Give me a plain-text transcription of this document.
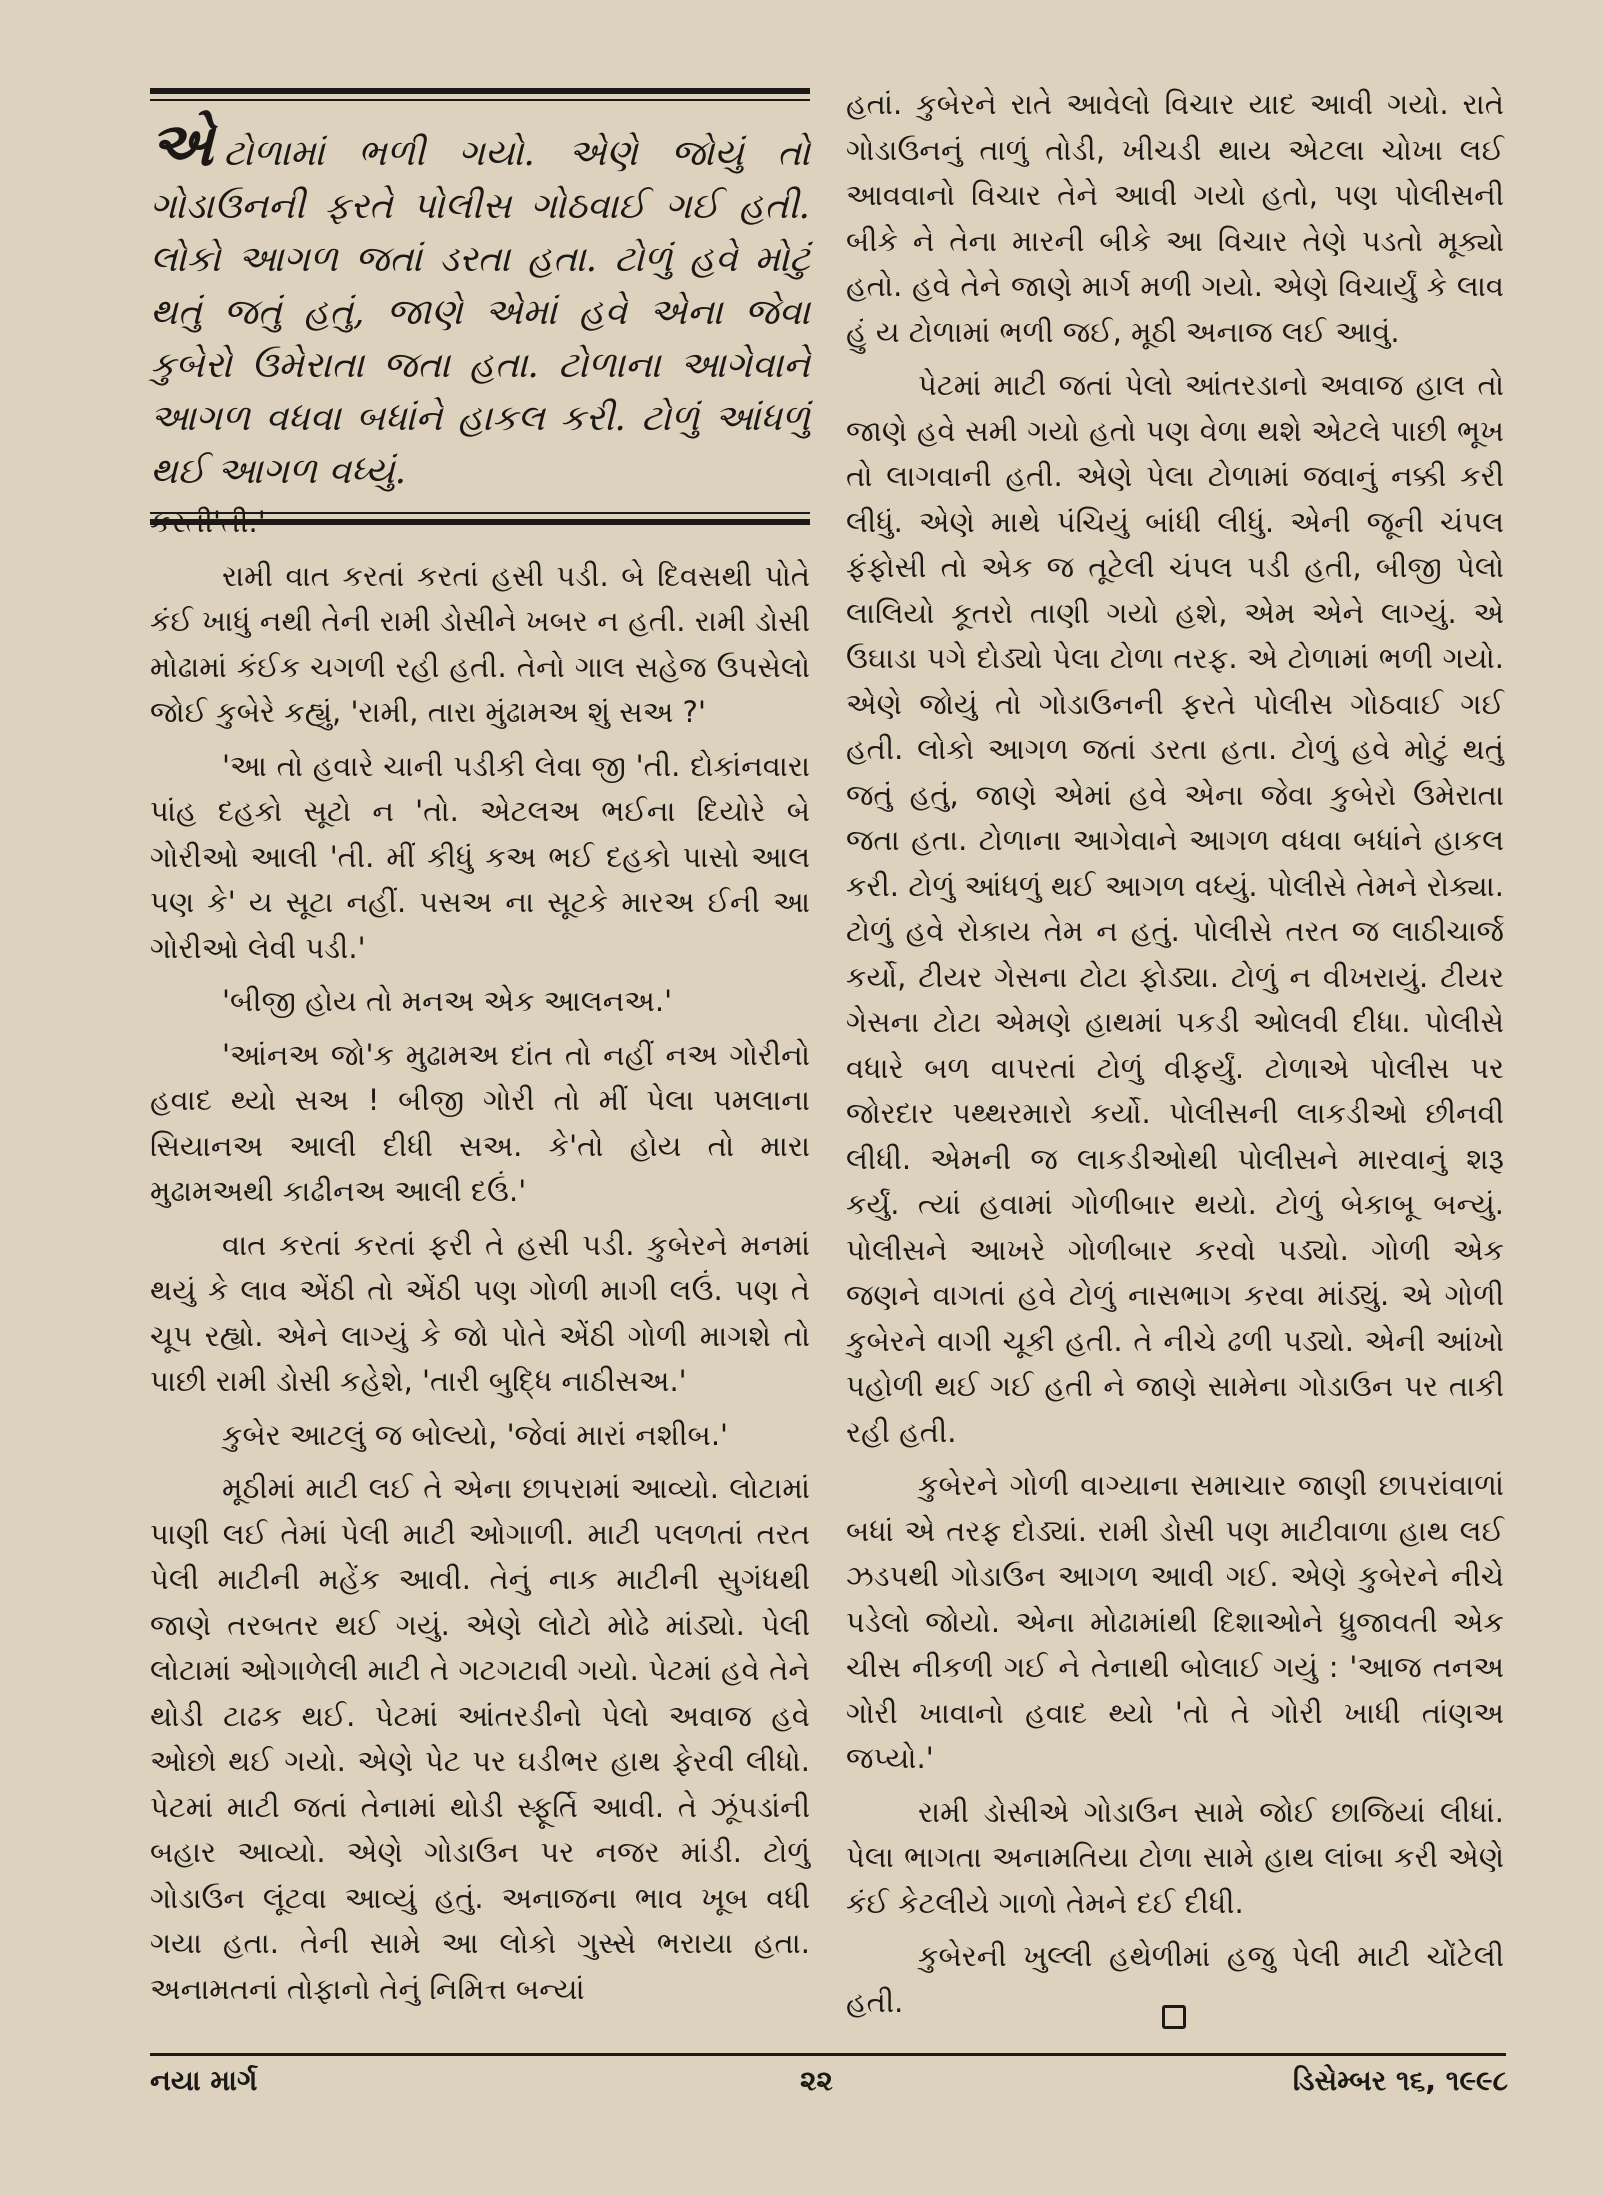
એટોળામાં ભળી ગયો. એણે જોયું તો ગોડાઉનની ફરતે પોલીસ ગોઠવાઈ ગઈ હતી. લોકો આગળ જતાં ડરતા હતા. ટોળું હવે મોટું થતું જતું હતું, જાણે એમાં હવે એના જેવા કુબેરો ઉમેરાતા જતા હતા. ટોળાના આગેવાને આગળ વધવા બધાંને હાકલ કરી. ટોળું આંધળું થઈ આગળ વધ્યું.

કરતી'તી.'

રામી વાત કરતાં કરતાં હસી પડી. બે દિવસથી પોતે કંઈ ખાધું નથી તેની રામી ડોસીને ખબર ન હતી. રામી ડોસી મોઢામાં કંઈક ચગળી રહી હતી. તેનો ગાલ સહેજ ઉપસેલો જોઈ કુબેરે કહ્યું, 'રામી, તારા મુંઢામઅ શું સઅ ?'

'આ તો હવારે ચાની પડીકી લેવા જી 'તી. દોકાંનવારા પાંહ દહકો સૂટો ન 'તો. એટલઅ ભઈના દિયોરે બે ગોરીઓ આલી 'તી. મીં કીધું કઅ ભઈ દહકો પાસો આલ પણ કે' ય સૂટા નહીં. પસઅ ના સૂટકે મારઅ ઈની આ ગોરીઓ લેવી પડી.'

'બીજી હોય તો મનઅ એક આલનઅ.'

'આંનઅ જો'ક મુઢામઅ દાંત તો નહીં નઅ ગોરીનો હવાદ થ્યો સઅ ! બીજી ગોરી તો મીં પેલા પમલાના સિયાનઅ આલી દીધી સઅ. કે'તો હોય તો મારા મુઢામઅથી કાઢીનઅ આલી દઉં.'

વાત કરતાં કરતાં ફરી તે હસી પડી. કુબેરને મનમાં થયું કે લાવ એંઠી તો એંઠી પણ ગોળી માગી લઉં. પણ તે ચૂપ રહ્યો. એને લાગ્યું કે જો પોતે એંઠી ગોળી માગશે તો પાછી રામી ડોસી કહેશે, 'તારી બુદ્ધિ નાઠીસઅ.'

કુબેર આટલું જ બોલ્યો, 'જેવાં મારાં નશીબ.'

મૂઠીમાં માટી લઈ તે એના છાપરામાં આવ્યો. લોટામાં પાણી લઈ તેમાં પેલી માટી ઓગાળી. માટી પલળતાં તરત પેલી માટીની મહેંક આવી. તેનું નાક માટીની સુગંધથી જાણે તરબતર થઈ ગયું. એણે લોટો મોઢે માંડ્યો. પેલી લોટામાં ઓગાળેલી માટી તે ગટગટાવી ગયો. પેટમાં હવે તેને થોડી ટાઢક થઈ. પેટમાં આંતરડીનો પેલો અવાજ હવે ઓછો થઈ ગયો. એણે પેટ પર ઘડીભર હાથ ફેરવી લીધો. પેટમાં માટી જતાં તેનામાં થોડી સ્ફૂર્તિ આવી. તે ઝૂંપડાંની બહાર આવ્યો. એણે ગોડાઉન પર નજર માંડી. ટોળું ગોડાઉન લૂંટવા આવ્યું હતું. અનાજના ભાવ ખૂબ વધી ગયા હતા. તેની સામે આ લોકો ગુસ્સે ભરાયા હતા. અનામતનાં તોફાનો તેનું નિમિત્ત બન્યાં

હતાં. કુબેરને રાતે આવેલો વિચાર યાદ આવી ગયો. રાતે ગોડાઉનનું તાળું તોડી, ખીચડી થાય એટલા ચોખા લઈ આવવાનો વિચાર તેને આવી ગયો હતો, પણ પોલીસની બીકે ને તેના મારની બીકે આ વિચાર તેણે પડતો મૂક્યો હતો. હવે તેને જાણે માર્ગ મળી ગયો. એણે વિચાર્યું કે લાવ હું ય ટોળામાં ભળી જઈ, મૂઠી અનાજ લઈ આવું.

પેટમાં માટી જતાં પેલો આંતરડાનો અવાજ હાલ તો જાણે હવે સમી ગયો હતો પણ વેળા થશે એટલે પાછી ભૂખ તો લાગવાની હતી. એણે પેલા ટોળામાં જવાનું નક્કી કરી લીધું. એણે માથે પંચિયું બાંધી લીધું. એની જૂની ચંપલ ફંફોસી તો એક જ તૂટેલી ચંપલ પડી હતી, બીજી પેલો લાલિયો કૂતરો તાણી ગયો હશે, એમ એને લાગ્યું. એ ઉઘાડા પગે દોડ્યો પેલા ટોળા તરફ. એ ટોળામાં ભળી ગયો. એણે જોયું તો ગોડાઉનની ફરતે પોલીસ ગોઠવાઈ ગઈ હતી. લોકો આગળ જતાં ડરતા હતા. ટોળું હવે મોટું થતું જતું હતું, જાણે એમાં હવે એના જેવા કુબેરો ઉમેરાતા જતા હતા. ટોળાના આગેવાને આગળ વધવા બધાંને હાકલ કરી. ટોળું આંધળું થઈ આગળ વધ્યું. પોલીસે તેમને રોક્યા. ટોળું હવે રોકાય તેમ ન હતું. પોલીસે તરત જ લાઠીચાર્જ કર્યો, ટીયર ગેસના ટોટા ફોડ્યા. ટોળું ન વીખરાયું. ટીયર ગેસના ટોટા એમણે હાથમાં પકડી ઓલવી દીધા. પોલીસે વધારે બળ વાપરતાં ટોળું વીફર્યું. ટોળાએ પોલીસ પર જોરદાર પથ્થરમારો કર્યો. પોલીસની લાકડીઓ છીનવી લીધી. એમની જ લાકડીઓથી પોલીસને મારવાનું શરૂ કર્યું. ત્યાં હવામાં ગોળીબાર થયો. ટોળું બેકાબૂ બન્યું. પોલીસને આખરે ગોળીબાર કરવો પડ્યો. ગોળી એક જણને વાગતાં હવે ટોળું નાસભાગ કરવા માંડ્યું. એ ગોળી કુબેરને વાગી ચૂકી હતી. તે નીચે ઢળી પડ્યો. એની આંખો પહોળી થઈ ગઈ હતી ને જાણે સામેના ગોડાઉન પર તાકી રહી હતી.

કુબેરને ગોળી વાગ્યાના સમાચાર જાણી છાપરાંવાળાં બધાં એ તરફ દોડ્યાં. રામી ડોસી પણ માટીવાળા હાથ લઈ ઝડપથી ગોડાઉન આગળ આવી ગઈ. એણે કુબેરને નીચે પડેલો જોયો. એના મોઢામાંથી દિશાઓને ધ્રુજાવતી એક ચીસ નીકળી ગઈ ને તેનાથી બોલાઈ ગયું : 'આજ તનઅ ગોરી ખાવાનો હવાદ થ્યો 'તો તે ગોરી ખાધી તાંણઅ જપ્યો.'

રામી ડોસીએ ગોડાઉન સામે જોઈ છાજિયાં લીધાં. પેલા ભાગતા અનામતિયા ટોળા સામે હાથ લાંબા કરી એણે કંઈ કેટલીયે ગાળો તેમને દઈ દીધી.

કુબેરની ખુલ્લી હથેળીમાં હજુ પેલી માટી ચોંટેલી હતી.

નયા માર્ગ	૨૨	ડિસેમ્બર ૧૬, ૧૯૯૮
